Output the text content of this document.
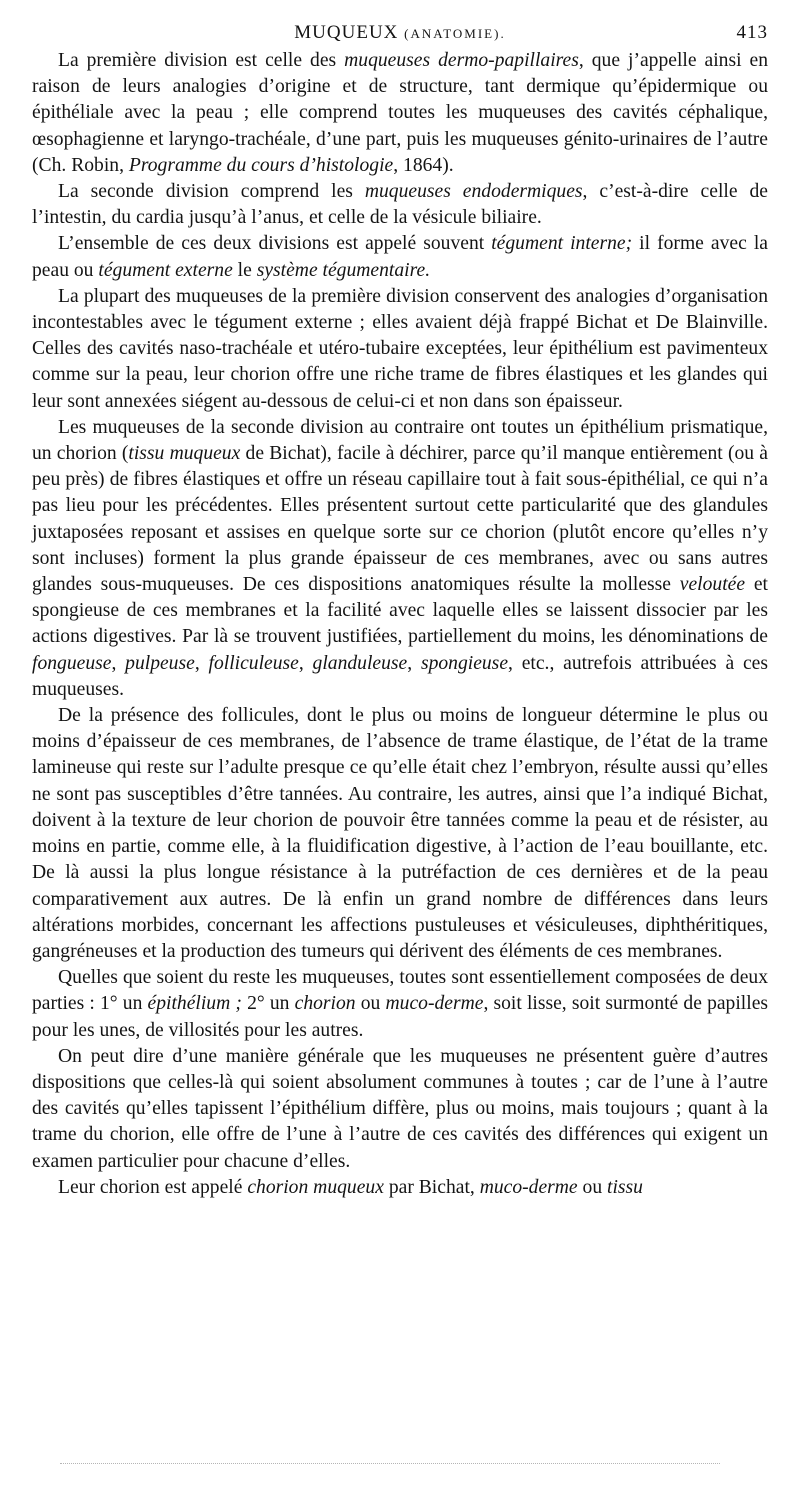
MUQUEUX (ANATOMIE).	413

La première division est celle des muqueuses dermo-papillaires, que j’appelle ainsi en raison de leurs analogies d’origine et de structure, tant dermique qu’épidermique ou épithéliale avec la peau ; elle comprend toutes les muqueuses des cavités céphalique, œsophagienne et laryngo-trachéale, d’une part, puis les muqueuses génito-urinaires de l’autre (Ch. Robin, Programme du cours d’histologie, 1864).

La seconde division comprend les muqueuses endodermiques, c’est-à-dire celle de l’intestin, du cardia jusqu’à l’anus, et celle de la vésicule biliaire.

L’ensemble de ces deux divisions est appelé souvent tégument interne; il forme avec la peau ou tégument externe le système tégumentaire.

La plupart des muqueuses de la première division conservent des analogies d’organisation incontestables avec le tégument externe ; elles avaient déjà frappé Bichat et De Blainville. Celles des cavités naso-trachéale et utéro-tubaire exceptées, leur épithélium est pavimenteux comme sur la peau, leur chorion offre une riche trame de fibres élastiques et les glandes qui leur sont annexées siégent au-dessous de celui-ci et non dans son épaisseur.

Les muqueuses de la seconde division au contraire ont toutes un épithélium prismatique, un chorion (tissu muqueux de Bichat), facile à déchirer, parce qu’il manque entièrement (ou à peu près) de fibres élastiques et offre un réseau capillaire tout à fait sous-épithélial, ce qui n’a pas lieu pour les précédentes. Elles présentent surtout cette particularité que des glandules juxtaposées reposant et assises en quelque sorte sur ce chorion (plutôt encore qu’elles n’y sont incluses) forment la plus grande épaisseur de ces membranes, avec ou sans autres glandes sous-muqueuses. De ces dispositions anatomiques résulte la mollesse veloutée et spongieuse de ces membranes et la facilité avec laquelle elles se laissent dissocier par les actions digestives. Par là se trouvent justifiées, partiellement du moins, les dénominations de fongueuse, pulpeuse, folliculeuse, glanduleuse, spongieuse, etc., autrefois attribuées à ces muqueuses.

De la présence des follicules, dont le plus ou moins de longueur détermine le plus ou moins d’épaisseur de ces membranes, de l’absence de trame élastique, de l’état de la trame lamineuse qui reste sur l’adulte presque ce qu’elle était chez l’embryon, résulte aussi qu’elles ne sont pas susceptibles d’être tannées. Au contraire, les autres, ainsi que l’a indiqué Bichat, doivent à la texture de leur chorion de pouvoir être tannées comme la peau et de résister, au moins en partie, comme elle, à la fluidification digestive, à l’action de l’eau bouillante, etc. De là aussi la plus longue résistance à la putréfaction de ces dernières et de la peau comparativement aux autres. De là enfin un grand nombre de différences dans leurs altérations morbides, concernant les affections pustuleuses et vésiculeuses, diphthéritiques, gangréneuses et la production des tumeurs qui dérivent des éléments de ces membranes.

Quelles que soient du reste les muqueuses, toutes sont essentiellement composées de deux parties : 1° un épithélium ; 2° un chorion ou muco-derme, soit lisse, soit surmonté de papilles pour les unes, de villosités pour les autres.

On peut dire d’une manière générale que les muqueuses ne présentent guère d’autres dispositions que celles-là qui soient absolument communes à toutes ; car de l’une à l’autre des cavités qu’elles tapissent l’épithélium diffère, plus ou moins, mais toujours ; quant à la trame du chorion, elle offre de l’une à l’autre de ces cavités des différences qui exigent un examen particulier pour chacune d’elles.

Leur chorion est appelé chorion muqueux par Bichat, muco-derme ou tissu
